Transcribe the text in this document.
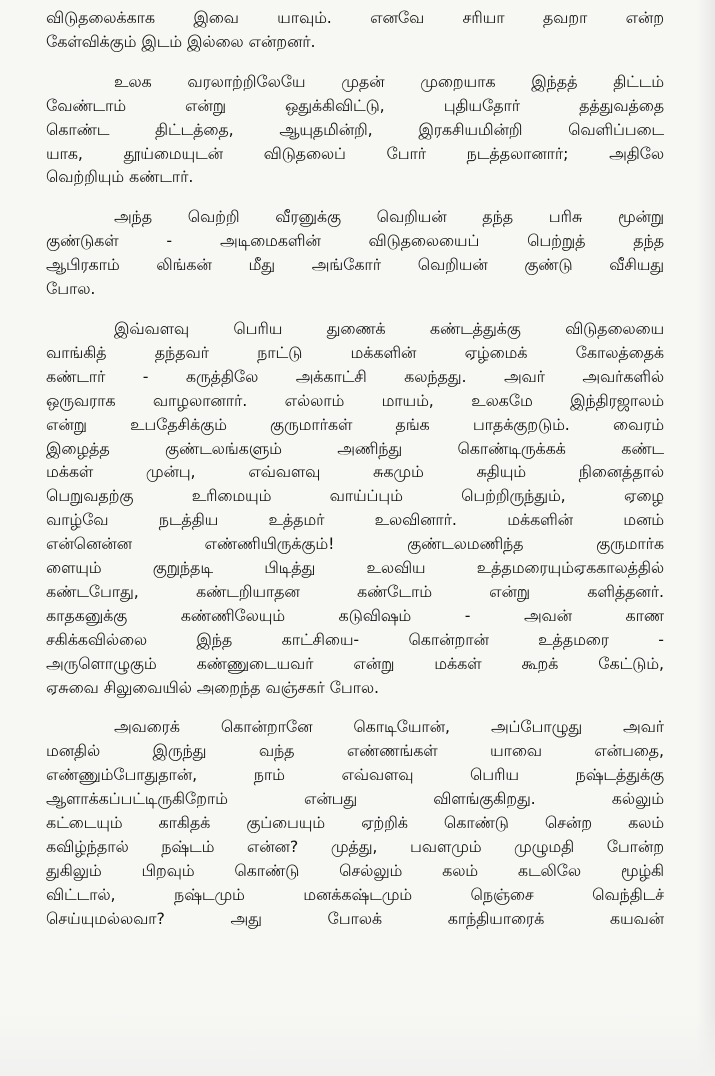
விடுதலைக்காக இவை யாவும். எனவே சரியா தவறா என்ற
கேள்விக்கும் இடம் இல்லை என்றனர்.

உலக வரலாற்றிலேயே முதன் முறையாக இந்தத் திட்டம்
வேண்டாம் என்று ஒதுக்கிவிட்டு, புதியதோர் தத்துவத்தை
கொண்ட திட்டத்தை, ஆயுதமின்றி, இரகசியமின்றி வெளிப்படை
யாக, தூய்மையுடன் விடுதலைப் போர் நடத்தலானார்; அதிலே
வெற்றியும் கண்டார்.

அந்த வெற்றி வீரனுக்கு வெறியன் தந்த பரிசு மூன்று
குண்டுகள் - அடிமைகளின் விடுதலையைப் பெற்றுத் தந்த
ஆபிரகாம் லிங்கன் மீது அங்கோர் வெறியன் குண்டு வீசியது
போல.

இவ்வளவு பெரிய துணைக் கண்டத்துக்கு விடுதலையை
வாங்கித் தந்தவர் நாட்டு மக்களின் ஏழ்மைக் கோலத்தைக்
கண்டார் - கருத்திலே அக்காட்சி கலந்தது. அவர் அவர்களில்
ஒருவராக வாழலானார். எல்லாம் மாயம், உலகமே இந்திரஜாலம்
என்று உபதேசிக்கும் குருமார்கள் தங்க பாதக்குறடும். வைரம்
இழைத்த குண்டலங்களும் அணிந்து கொண்டிருக்கக் கண்ட
மக்கள் முன்பு, எவ்வளவு சுகமும் சுதியும் நினைத்தால்
பெறுவதற்கு உரிமையும் வாய்ப்பும் பெற்றிருந்தும், ஏழை
வாழ்வே நடத்திய உத்தமர் உலவினார். மக்களின் மனம்
என்னென்ன எண்ணியிருக்கும்! குண்டலமணிந்த குருமார்க
ளையும் குறுந்தடி பிடித்து உலவிய உத்தமரையும்ஏககாலத்தில்
கண்டபோது, கண்டறியாதன கண்டோம் என்று களித்தனர்.
காதகனுக்கு கண்ணிலேயும் கடுவிஷம் - அவன் காண
சகிக்கவில்லை இந்த காட்சியை- கொன்றான் உத்தமரை -
அருளொழுகும் கண்ணுடையவர் என்று மக்கள் கூறக் கேட்டும்,
ஏசுவை சிலுவையில் அறைந்த வஞ்சகர் போல.

அவரைக் கொன்றானே கொடியோன், அப்போழுது அவர்
மனதில் இருந்து வந்த எண்ணங்கள் யாவை என்பதை,
எண்ணும்போதுதான், நாம் எவ்வளவு பெரிய நஷ்டத்துக்கு
ஆளாக்கப்பட்டிருகிறோம் என்பது விளங்குகிறது. கல்லும்
கட்டையும் காகிதக் குப்பையும் ஏற்றிக் கொண்டு சென்ற கலம்
கவிழ்ந்தால் நஷ்டம் என்ன? முத்து, பவளமும் முழுமதி போன்ற
துகிலும் பிறவும் கொண்டு செல்லும் கலம் கடலிலே மூழ்கி
விட்டால், நஷ்டமும் மனக்கஷ்டமும் நெஞ்சை வெந்திடச்
செய்யுமல்லவா? அது போலக் காந்தியாரைக் கயவன்
